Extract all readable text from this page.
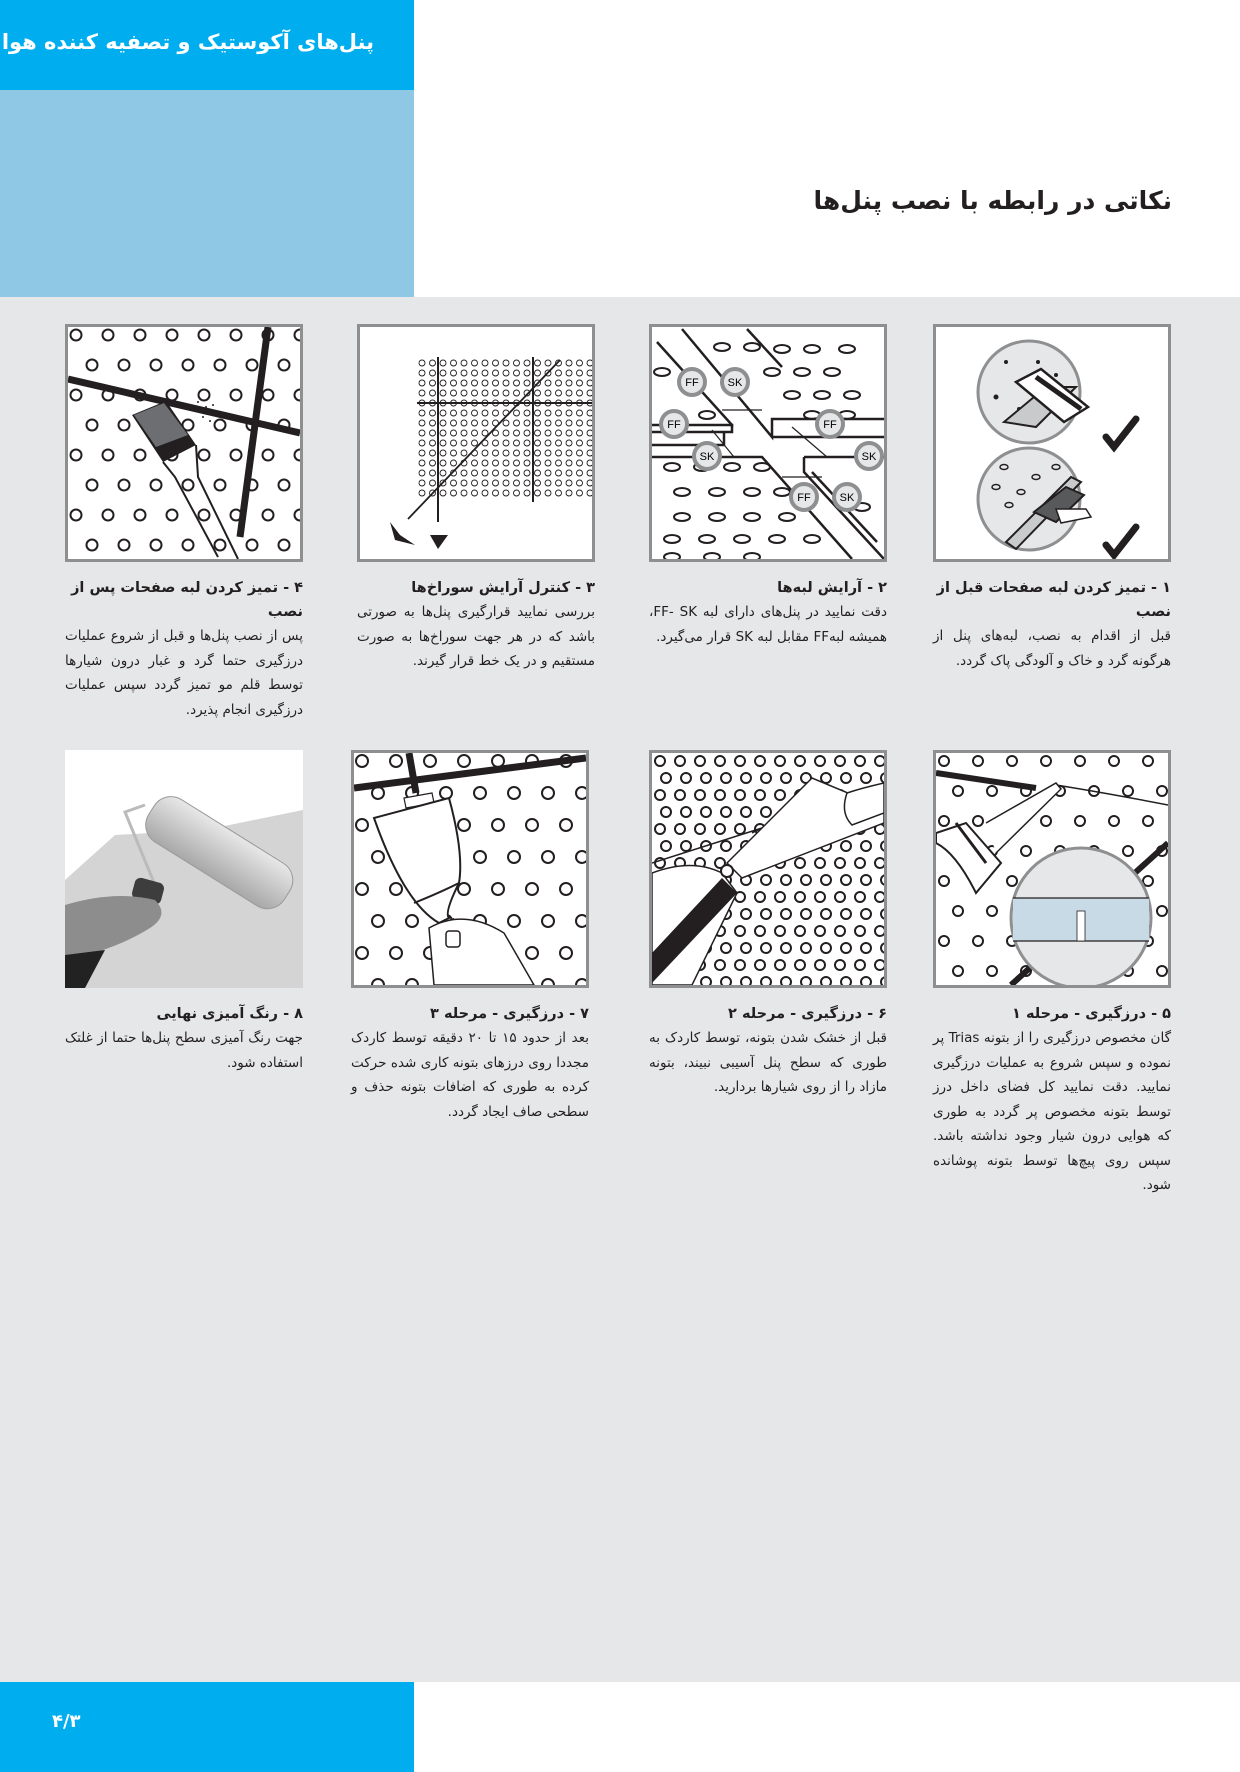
پنل‌های آکوستیک و تصفیه کننده هوا
نکاتی در رابطه با نصب پنل‌ها
۱ - تمیز کردن لبه صفحات قبل از نصب
قبل از اقدام به نصب، لبه‌های پنل از هرگونه گرد و خاک و آلودگی پاک گردد.
FF	SK
FF	FF
SK	SK
FF	SK
۲ - آرایش لبه‌ها
دقت نمایید در پنل‌های دارای لبه FF- SK، همیشه لبهFF مقابل لبه SK قرار می‌گیرد.
۳ - کنترل آرایش سوراخ‌ها
بررسی نمایید قرارگیری پنل‌ها به صورتی باشد که در هر جهت سوراخ‌ها به صورت مستقیم و در یک خط قرار گیرند.
۴ - تمیز کردن لبه صفحات پس از نصب
پس از نصب پنل‌ها و قبل از شروع عملیات درزگیری حتما گرد و غبار درون شیارها توسط قلم مو تمیز گردد سپس عملیات درزگیری انجام پذیرد.
۵ - درزگیری - مرحله ۱
گان مخصوص درزگیری را از بتونه Trias پر نموده و سپس شروع به عملیات درزگیری نمایید. دقت نمایید کل فضای داخل درز توسط بتونه مخصوص پر گردد به طوری که هوایی درون شیار وجود نداشته باشد. سپس روی پیچ‌ها توسط بتونه پوشانده شود.
۶ - درزگیری - مرحله ۲
قبل از خشک شدن بتونه، توسط کاردک به طوری که سطح پنل آسیبی نبیند، بتونه مازاد را از روی شیارها بردارید.
۷ - درزگیری - مرحله ۳
بعد از حدود ۱۵ تا ۲۰ دقیقه توسط کاردک مجددا روی درزهای بتونه کاری شده حرکت کرده به طوری که اضافات بتونه حذف و سطحی صاف ایجاد گردد.
۸ - رنگ آمیزی نهایی
جهت رنگ آمیزی سطح پنل‌ها حتما از غلتک استفاده شود.
۴/۳
